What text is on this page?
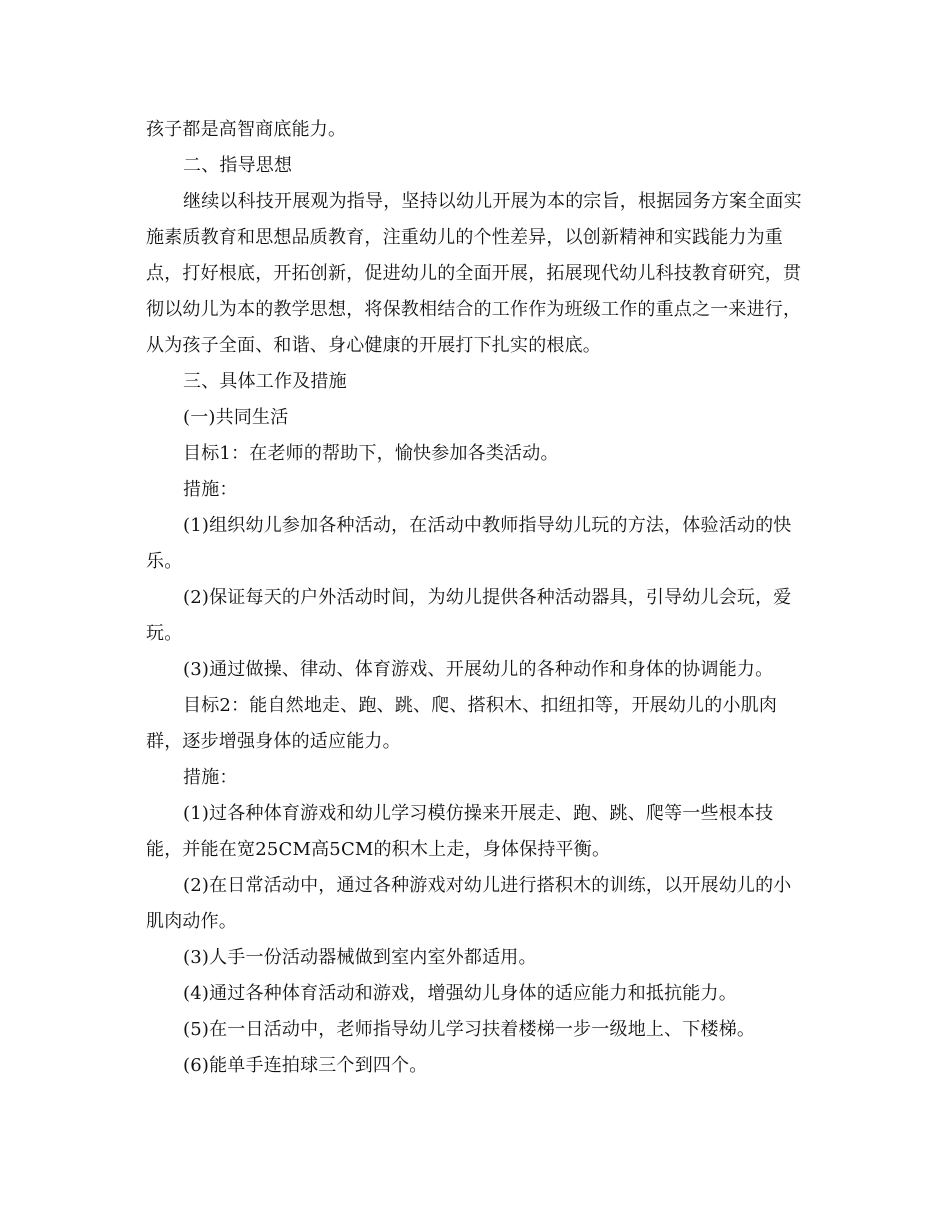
孩子都是高智商底能力。

二、指导思想

继续以科技开展观为指导，坚持以幼儿开展为本的宗旨，根据园务方案全面实施素质教育和思想品质教育，注重幼儿的个性差异，以创新精神和实践能力为重点，打好根底，开拓创新，促进幼儿的全面开展，拓展现代幼儿科技教育研究，贯彻以幼儿为本的教学思想，将保教相结合的工作作为班级工作的重点之一来进行，从为孩子全面、和谐、身心健康的开展打下扎实的根底。

三、具体工作及措施

(一)共同生活

目标1：在老师的帮助下，愉快参加各类活动。

措施：

(1)组织幼儿参加各种活动，在活动中教师指导幼儿玩的方法，体验活动的快乐。

(2)保证每天的户外活动时间，为幼儿提供各种活动器具，引导幼儿会玩，爱玩。

(3)通过做操、律动、体育游戏、开展幼儿的各种动作和身体的协调能力。

目标2：能自然地走、跑、跳、爬、搭积木、扣纽扣等，开展幼儿的小肌肉群，逐步增强身体的适应能力。

措施：

(1)过各种体育游戏和幼儿学习模仿操来开展走、跑、跳、爬等一些根本技能，并能在宽25CM高5CM的积木上走，身体保持平衡。

(2)在日常活动中，通过各种游戏对幼儿进行搭积木的训练，以开展幼儿的小肌肉动作。

(3)人手一份活动器械做到室内室外都适用。

(4)通过各种体育活动和游戏，增强幼儿身体的适应能力和抵抗能力。

(5)在一日活动中，老师指导幼儿学习扶着楼梯一步一级地上、下楼梯。

(6)能单手连拍球三个到四个。
